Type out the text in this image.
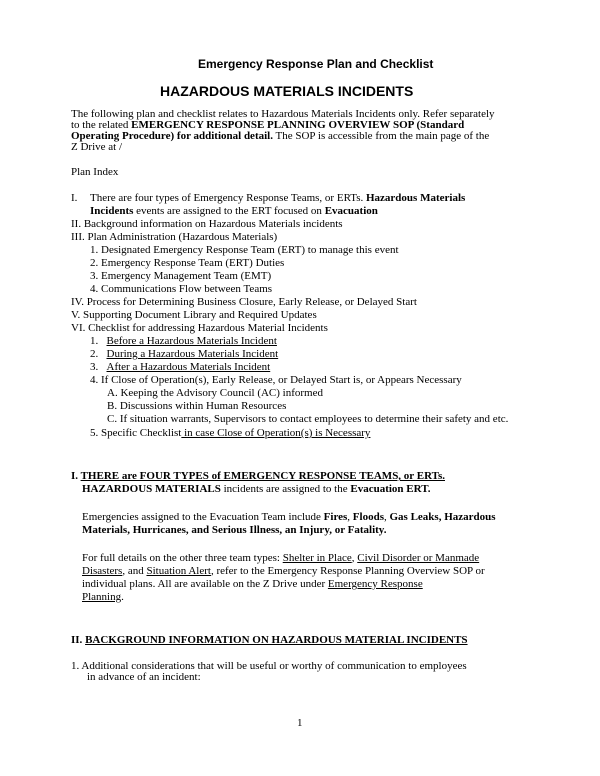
Emergency Response Plan and Checklist
HAZARDOUS MATERIALS INCIDENTS
The following plan and checklist relates to Hazardous Materials Incidents only. Refer separately
to the related EMERGENCY RESPONSE PLANNING OVERVIEW SOP (Standard
Operating Procedure) for additional detail. The SOP is accessible from the main page of the
Z Drive at /
Plan Index
I. There are four types of Emergency Response Teams, or ERTs. Hazardous Materials
Incidents events are assigned to the ERT focused on Evacuation
II. Background information on Hazardous Materials incidents
III. Plan Administration (Hazardous Materials)
1. Designated Emergency Response Team (ERT) to manage this event
2. Emergency Response Team (ERT) Duties
3. Emergency Management Team (EMT)
4. Communications Flow between Teams
IV. Process for Determining Business Closure, Early Release, or Delayed Start
V. Supporting Document Library and Required Updates
VI. Checklist for addressing Hazardous Material Incidents
1. Before a Hazardous Materials Incident
2. During a Hazardous Materials Incident
3. After a Hazardous Materials Incident
4. If Close of Operation(s), Early Release, or Delayed Start is, or Appears Necessary
A. Keeping the Advisory Council (AC) informed
B. Discussions within Human Resources
C. If situation warrants, Supervisors to contact employees to determine their safety and etc.
5. Specific Checklist in case Close of Operation(s) is Necessary
I. THERE are FOUR TYPES of EMERGENCY RESPONSE TEAMS, or ERTs.
HAZARDOUS MATERIALS incidents are assigned to the Evacuation ERT.
Emergencies assigned to the Evacuation Team include Fires, Floods, Gas Leaks, Hazardous
Materials, Hurricanes, and Serious Illness, an Injury, or Fatality.
For full details on the other three team types: Shelter in Place, Civil Disorder or Manmade
Disasters, and Situation Alert, refer to the Emergency Response Planning Overview SOP or
individual plans. All are available on the Z Drive under Emergency Response
Planning.
II. BACKGROUND INFORMATION ON HAZARDOUS MATERIAL INCIDENTS
1. Additional considerations that will be useful or worthy of communication to employees
in advance of an incident:
1
